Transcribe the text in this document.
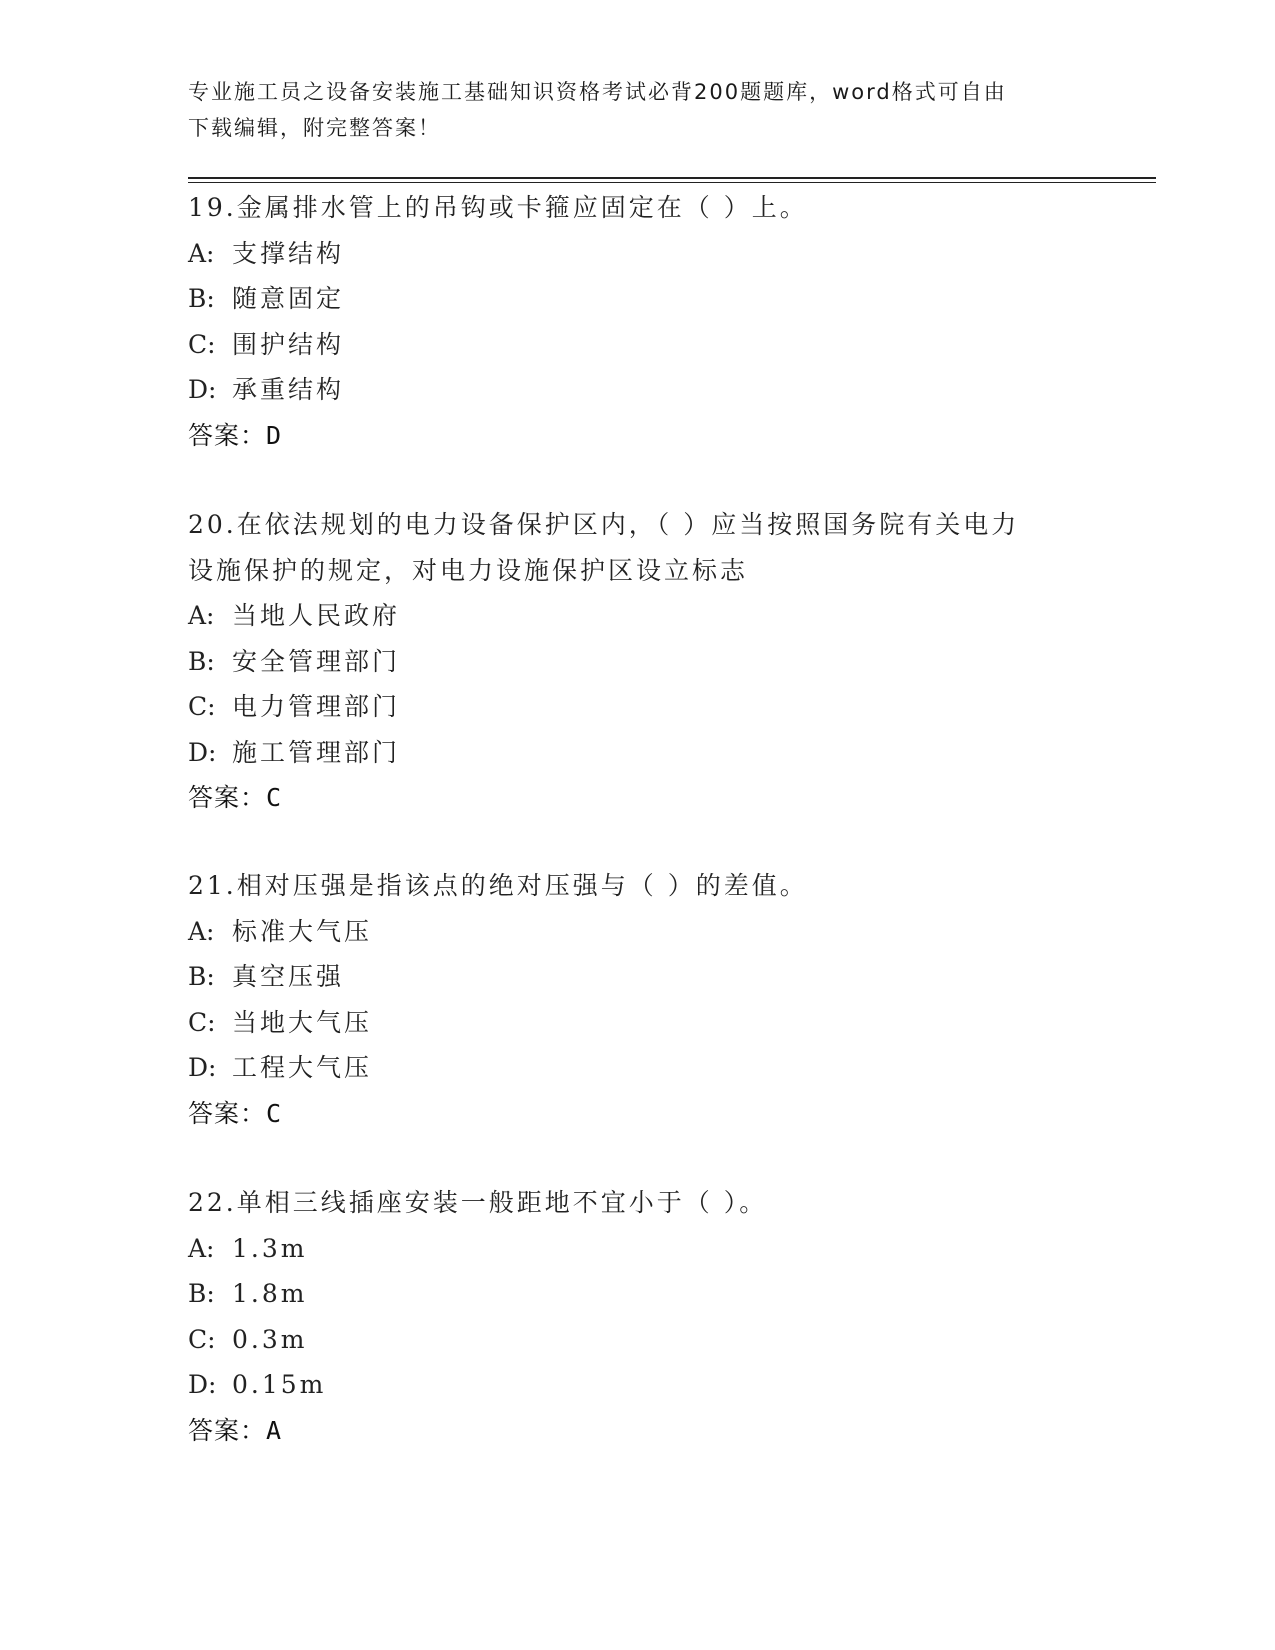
专业施工员之设备安装施工基础知识资格考试必背200题题库，word格式可自由
下载编辑，附完整答案！
19.金属排水管上的吊钩或卡箍应固定在（ ）上。
A: 支撑结构
B: 随意固定
C: 围护结构
D: 承重结构
答案：D
20.在依法规划的电力设备保护区内，（ ）应当按照国务院有关电力
设施保护的规定，对电力设施保护区设立标志
A: 当地人民政府
B: 安全管理部门
C: 电力管理部门
D: 施工管理部门
答案：C
21.相对压强是指该点的绝对压强与（ ）的差值。
A: 标准大气压
B: 真空压强
C: 当地大气压
D: 工程大气压
答案：C
22.单相三线插座安装一般距地不宜小于（ ）。
A: 1.3m
B: 1.8m
C: 0.3m
D: 0.15m
答案：A
